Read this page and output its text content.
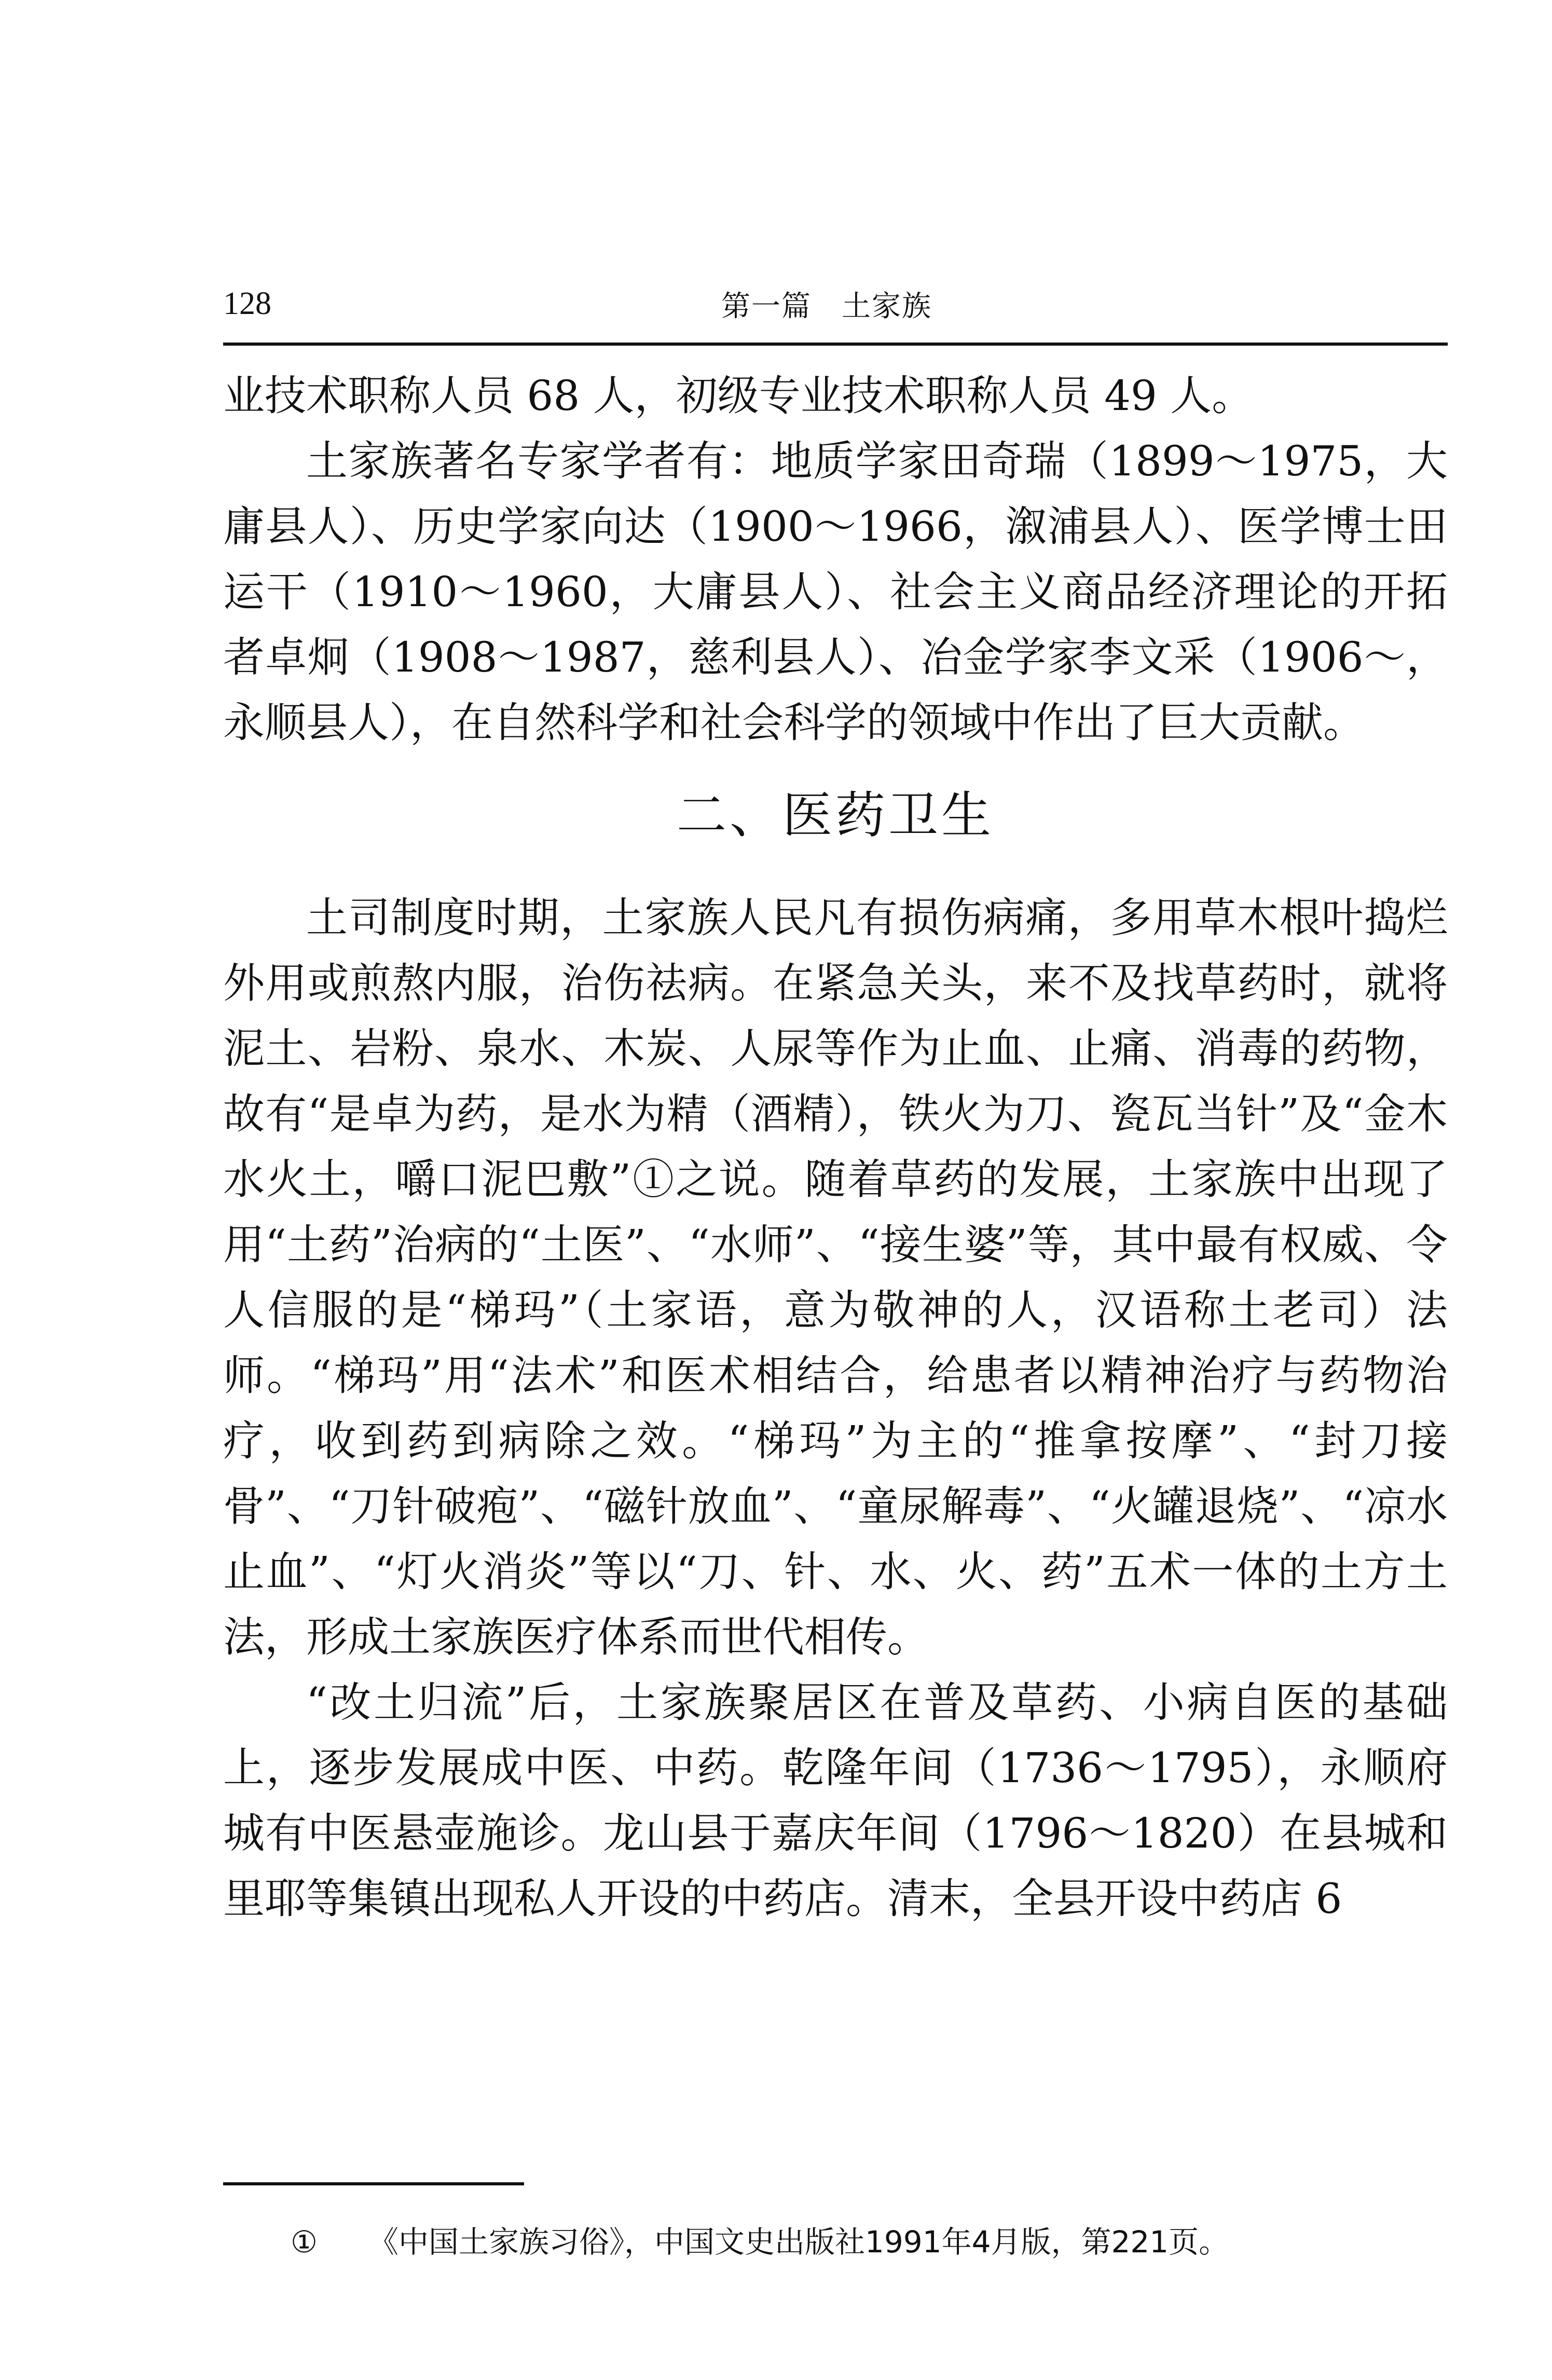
128	第一篇　土家族

业技术职称人员 68 人，初级专业技术职称人员 49 人。

土家族著名专家学者有：地质学家田奇瑞（1899～1975，大庸县人）、历史学家向达（1900～1966，溆浦县人）、医学博士田运干（1910～1960，大庸县人）、社会主义商品经济理论的开拓者卓炯（1908～1987，慈利县人）、冶金学家李文采（1906～，永顺县人），在自然科学和社会科学的领域中作出了巨大贡献。

二、医药卫生

土司制度时期，土家族人民凡有损伤病痛，多用草木根叶捣烂外用或煎熬内服，治伤祛病。在紧急关头，来不及找草药时，就将泥土、岩粉、泉水、木炭、人尿等作为止血、止痛、消毒的药物，故有“是卓为药，是水为精（酒精），铁火为刀、瓷瓦当针”及“金木水火土，嚼口泥巴敷”①之说。随着草药的发展，土家族中出现了用“土药”治病的“土医”、“水师”、“接生婆”等，其中最有权威、令人信服的是“梯玛”（土家语，意为敬神的人，汉语称土老司）法师。“梯玛”用“法术”和医术相结合，给患者以精神治疗与药物治疗，收到药到病除之效。“梯玛”为主的“推拿按摩”、“封刀接骨”、“刀针破疱”、“磁针放血”、“童尿解毒”、“火罐退烧”、“凉水止血”、“灯火消炎”等以“刀、针、水、火、药”五术一体的土方土法，形成土家族医疗体系而世代相传。

“改土归流”后，土家族聚居区在普及草药、小病自医的基础上，逐步发展成中医、中药。乾隆年间（1736～1795），永顺府城有中医悬壶施诊。龙山县于嘉庆年间（1796～1820）在县城和里耶等集镇出现私人开设的中药店。清末，全县开设中药店 6

① 《中国土家族习俗》，中国文史出版社1991年4月版，第221页。
